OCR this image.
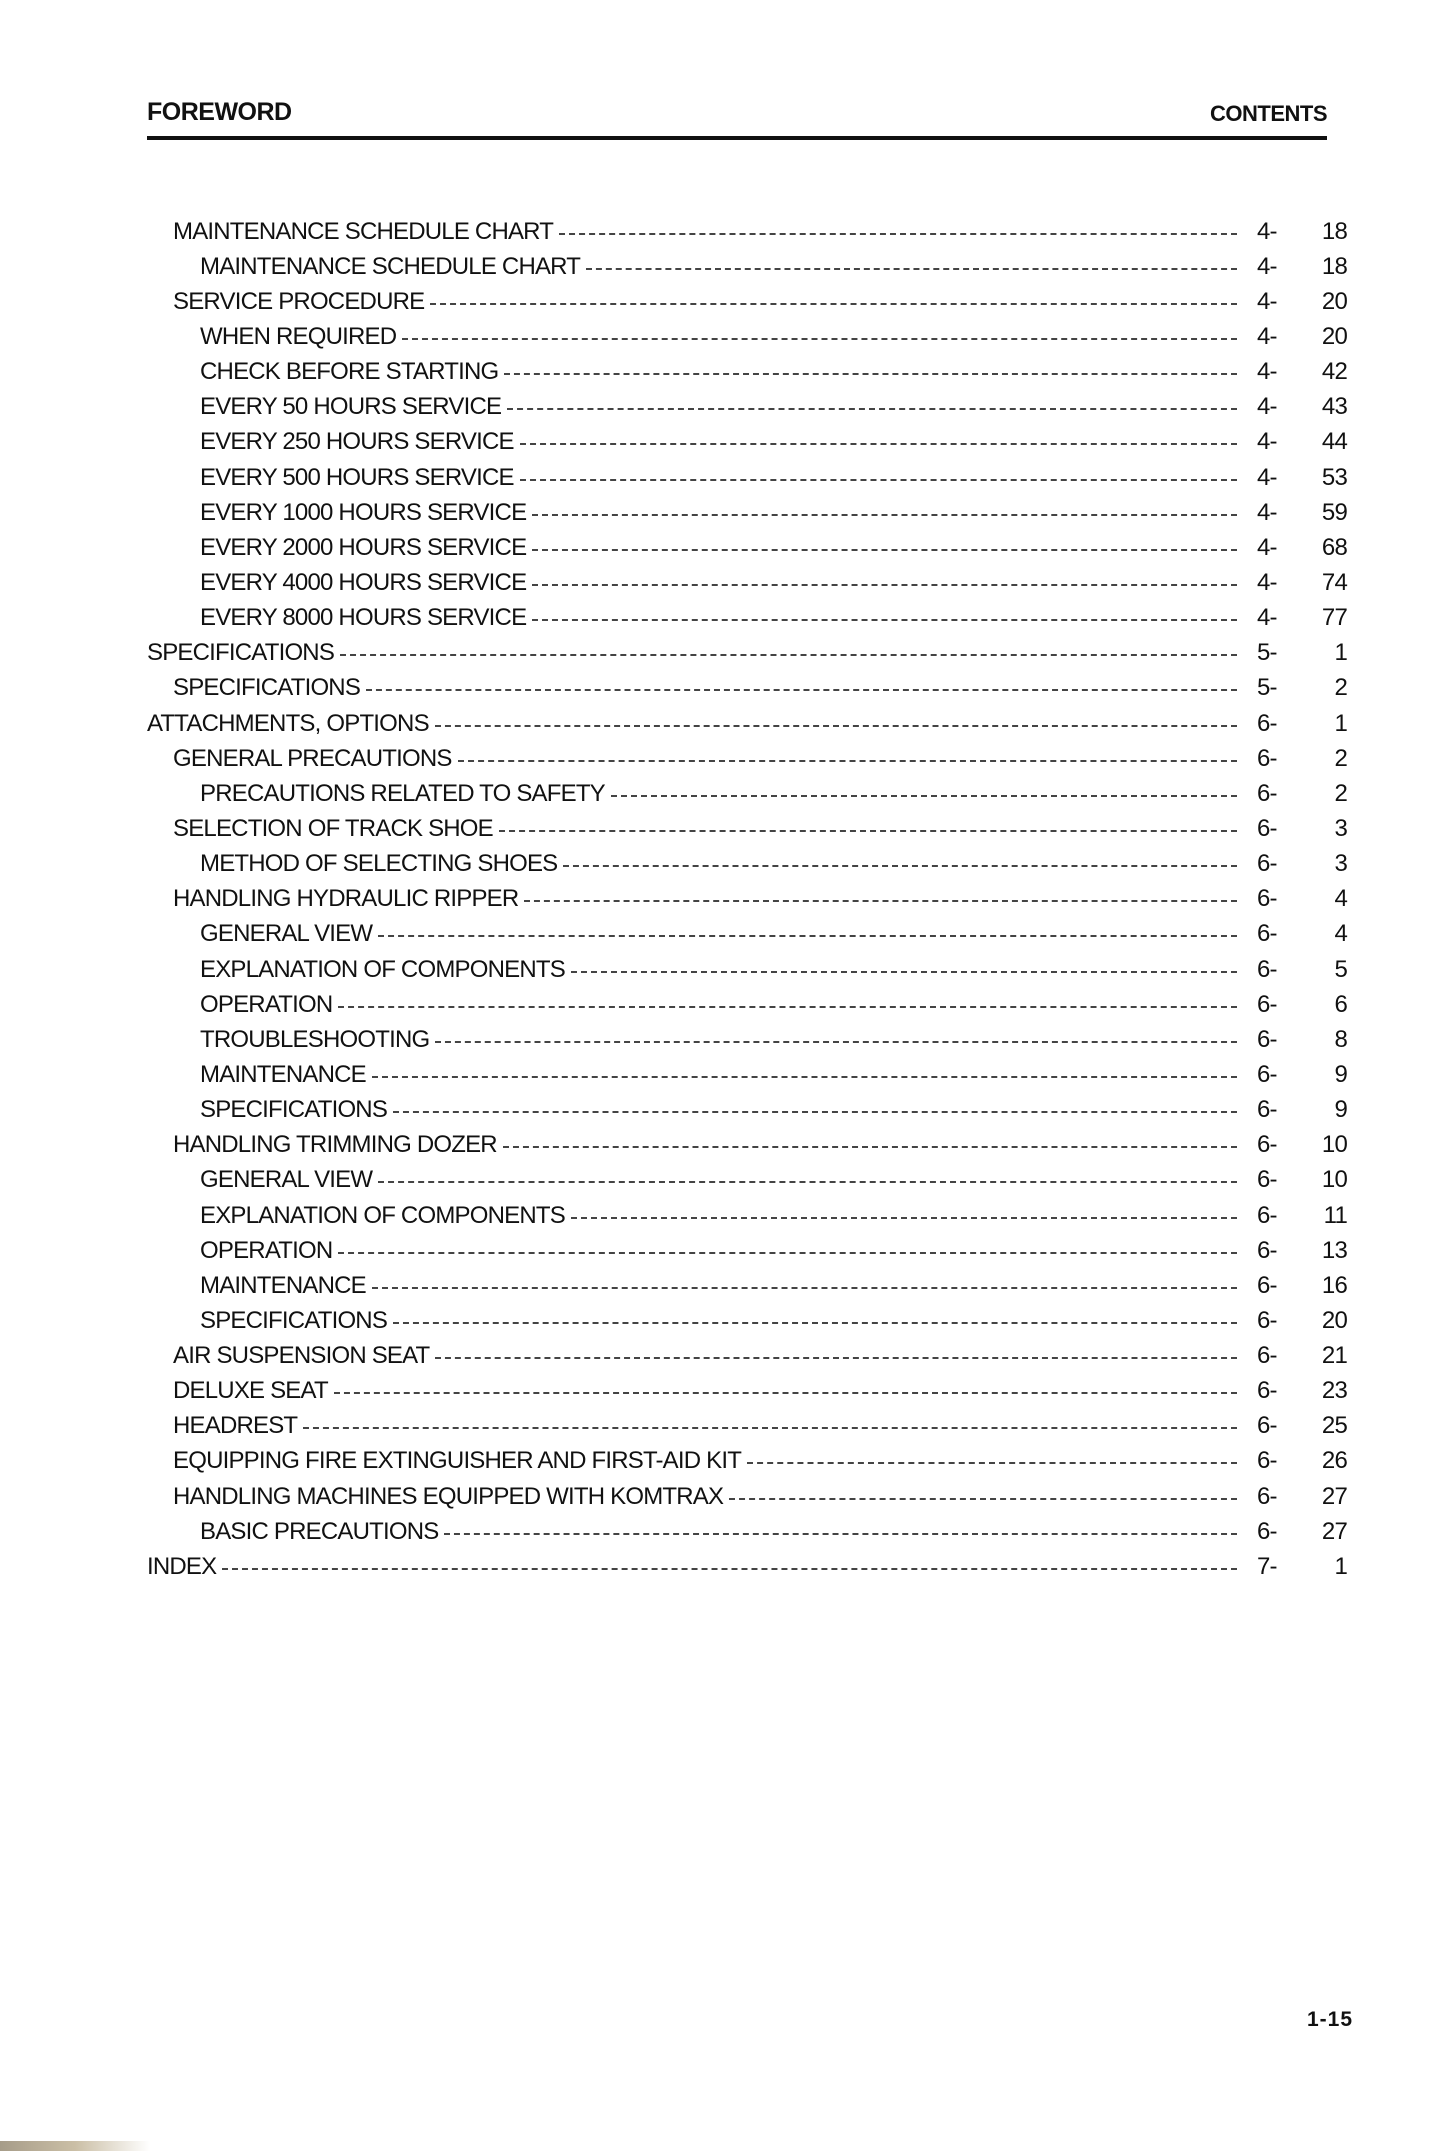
FOREWORD	CONTENTS
MAINTENANCE SCHEDULE CHART	4- 18
MAINTENANCE SCHEDULE CHART	4- 18
SERVICE PROCEDURE	4- 20
WHEN REQUIRED	4- 20
CHECK BEFORE STARTING	4- 42
EVERY 50 HOURS SERVICE	4- 43
EVERY 250 HOURS SERVICE	4- 44
EVERY 500 HOURS SERVICE	4- 53
EVERY 1000 HOURS SERVICE	4- 59
EVERY 2000 HOURS SERVICE	4- 68
EVERY 4000 HOURS SERVICE	4- 74
EVERY 8000 HOURS SERVICE	4- 77
SPECIFICATIONS	5- 1
SPECIFICATIONS	5- 2
ATTACHMENTS, OPTIONS	6- 1
GENERAL PRECAUTIONS	6- 2
PRECAUTIONS RELATED TO SAFETY	6- 2
SELECTION OF TRACK SHOE	6- 3
METHOD OF SELECTING SHOES	6- 3
HANDLING HYDRAULIC RIPPER	6- 4
GENERAL VIEW	6- 4
EXPLANATION OF COMPONENTS	6- 5
OPERATION	6- 6
TROUBLESHOOTING	6- 8
MAINTENANCE	6- 9
SPECIFICATIONS	6- 9
HANDLING TRIMMING DOZER	6- 10
GENERAL VIEW	6- 10
EXPLANATION OF COMPONENTS	6- 11
OPERATION	6- 13
MAINTENANCE	6- 16
SPECIFICATIONS	6- 20
AIR SUSPENSION SEAT	6- 21
DELUXE SEAT	6- 23
HEADREST	6- 25
EQUIPPING FIRE EXTINGUISHER AND FIRST-AID KIT	6- 26
HANDLING MACHINES EQUIPPED WITH KOMTRAX	6- 27
BASIC PRECAUTIONS	6- 27
INDEX	7- 1
1-15
